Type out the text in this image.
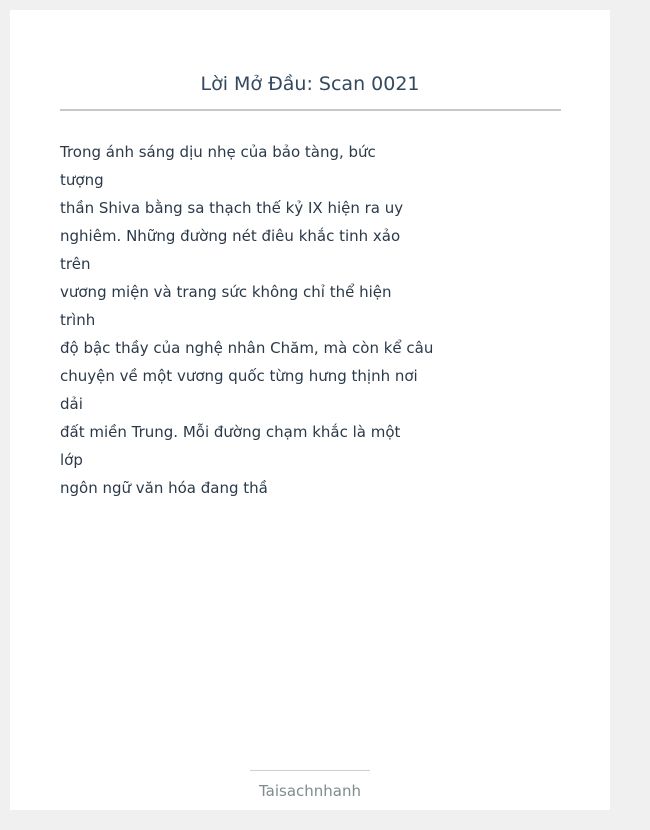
Lời Mở Đầu: Scan 0021

Trong ánh sáng dịu nhẹ của bảo tàng, bức
tượng
thần Shiva bằng sa thạch thế kỷ IX hiện ra uy
nghiêm. Những đường nét điêu khắc tinh xảo
trên
vương miện và trang sức không chỉ thể hiện
trình
độ bậc thầy của nghệ nhân Chăm, mà còn kể câu
chuyện về một vương quốc từng hưng thịnh nơi
dải
đất miền Trung. Mỗi đường chạm khắc là một
lớp
ngôn ngữ văn hóa đang thầ

Taisachnhanh
